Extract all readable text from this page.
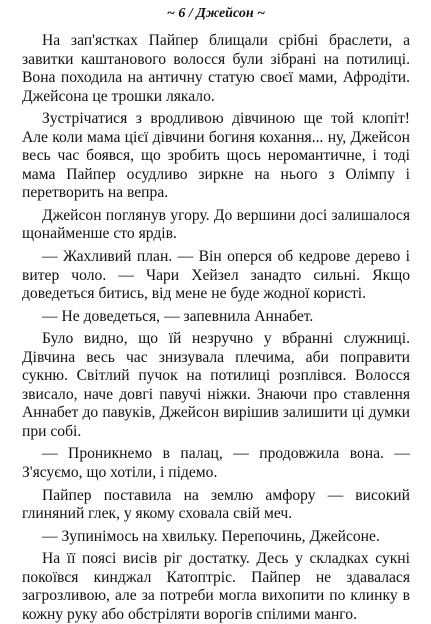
~ 6 / Джейсон ~

На зап'ястках Пайпер блищали срібні браслети, а завитки каштанового волосся були зібрані на потилиці. Вона походила на античну статую своєї мами, Афродіти. Джейсона це трошки лякало.

Зустрічатися з вродливою дівчиною ще той клопіт! Але коли мама цієї дівчини богиня кохання... ну, Джейсон весь час боявся, що зробить щось неромантичне, і тоді мама Пайпер осудливо зиркне на нього з Олімпу і перетворить на вепра.

Джейсон поглянув угору. До вершини досі залишалося щонайменше сто ярдів.

— Жахливий план. — Він оперся об кедрове дерево і витер чоло. — Чари Хейзел занадто сильні. Якщо доведеться битись, від мене не буде жодної користі.

— Не доведеться, — запевнила Аннабет.

Було видно, що їй незручно у вбранні служниці. Дівчина весь час знизувала плечима, аби поправити сукню. Світлий пучок на потилиці розплівся. Волосся звисало, наче довгі павучі ніжки. Знаючи про ставлення Аннабет до павуків, Джейсон вирішив залишити ці думки при собі.

— Проникнемо в палац, — продовжила вона. — З'ясуємо, що хотіли, і підемо.

Пайпер поставила на землю амфору — високий глиняний глек, у якому сховала свій меч.

— Зупинімось на хвильку. Перепочинь, Джейсоне.

На її поясі висів ріг достатку. Десь у складках сукні покоївся кинджал Катоптріс. Пайпер не здавалася загрозливою, але за потреби могла вихопити по клинку в кожну руку або обстріляти ворогів спілими манго.
